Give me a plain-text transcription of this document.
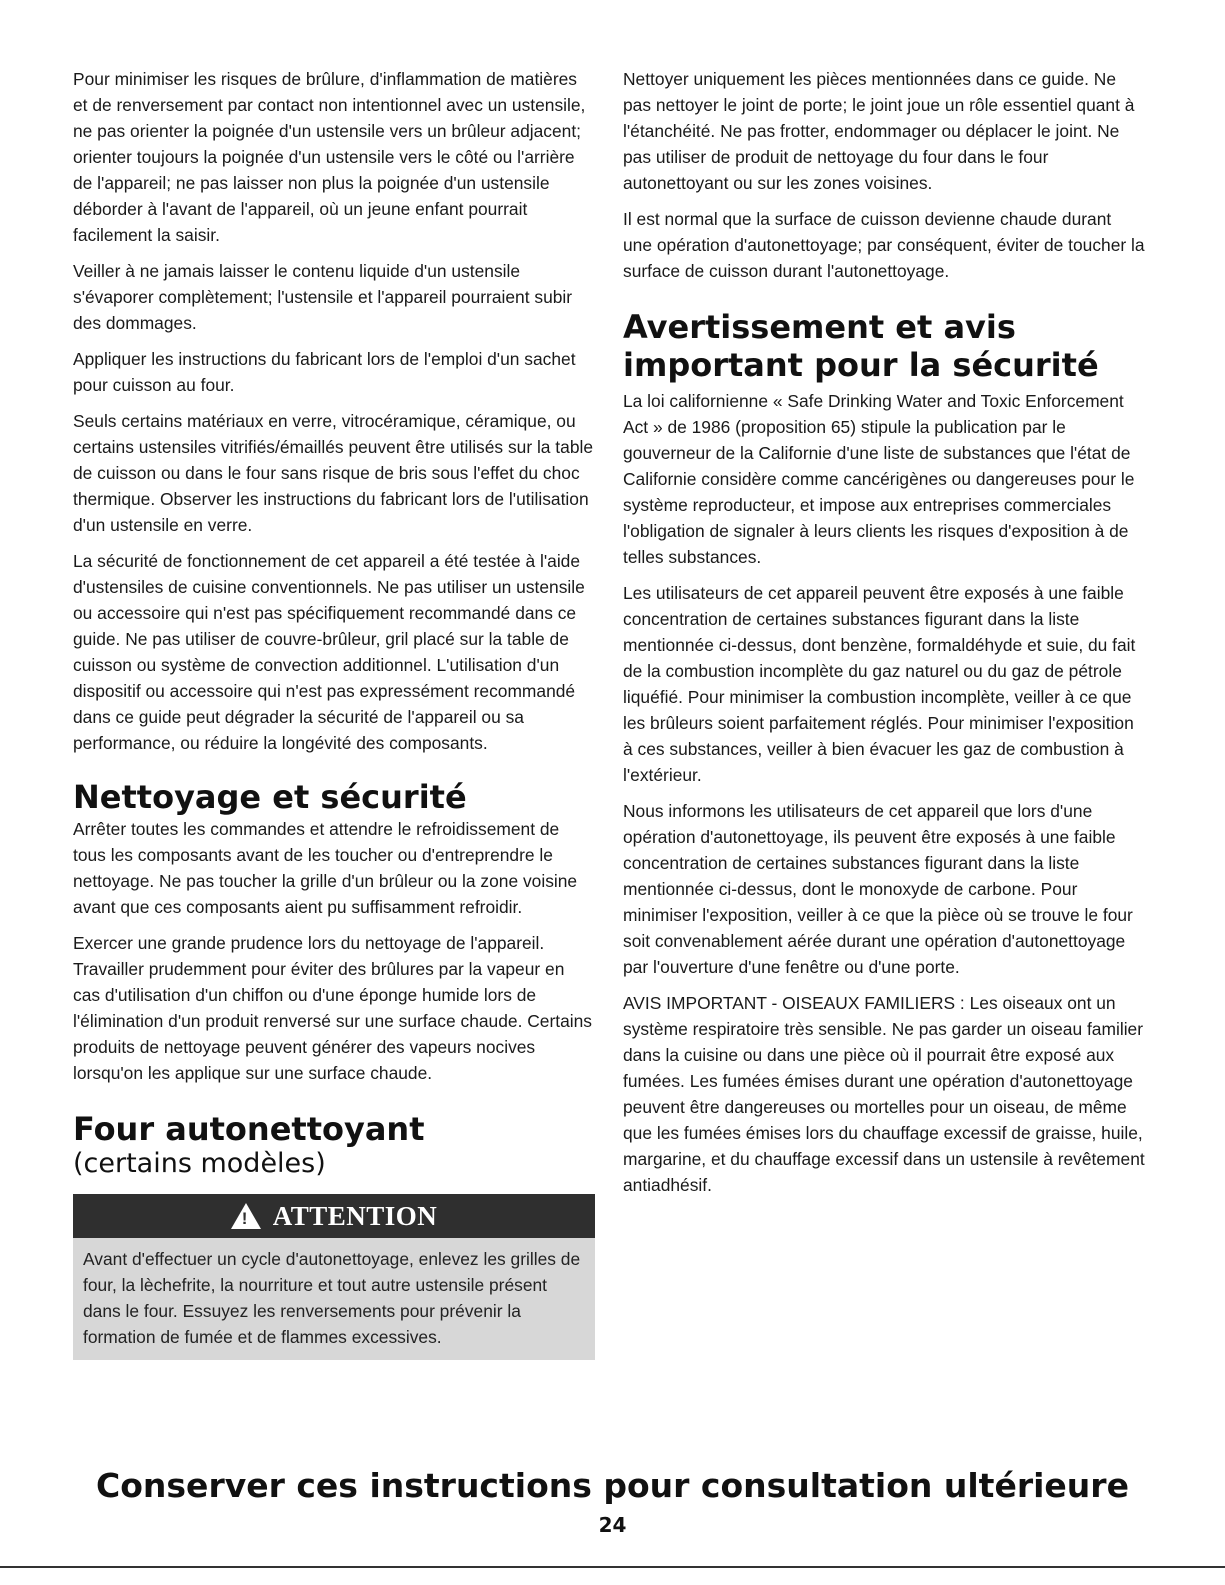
Pour minimiser les risques de brûlure, d'inflammation de matières et de renversement par contact non intentionnel avec un ustensile, ne pas orienter la poignée d'un ustensile vers un brûleur adjacent; orienter toujours la poignée d'un ustensile vers le côté ou l'arrière de l'appareil; ne pas laisser non plus la poignée d'un ustensile déborder à l'avant de l'appareil, où un jeune enfant pourrait facilement la saisir.

Veiller à ne jamais laisser le contenu liquide d'un ustensile s'évaporer complètement; l'ustensile et l'appareil pourraient subir des dommages.

Appliquer les instructions du fabricant lors de l'emploi d'un sachet pour cuisson au four.

Seuls certains matériaux en verre, vitrocéramique, céramique, ou certains ustensiles vitrifiés/émaillés peuvent être utilisés sur la table de cuisson ou dans le four sans risque de bris sous l'effet du choc thermique. Observer les instructions du fabricant lors de l'utilisation d'un ustensile en verre.

La sécurité de fonctionnement de cet appareil a été testée à l'aide d'ustensiles de cuisine conventionnels. Ne pas utiliser un ustensile ou accessoire qui n'est pas spécifiquement recommandé dans ce guide. Ne pas utiliser de couvre-brûleur, gril placé sur la table de cuisson ou système de convection additionnel. L'utilisation d'un dispositif ou accessoire qui n'est pas expressément recommandé dans ce guide peut dégrader la sécurité de l'appareil ou sa performance, ou réduire la longévité des composants.

Nettoyage et sécurité

Arrêter toutes les commandes et attendre le refroidissement de tous les composants avant de les toucher ou d'entreprendre le nettoyage. Ne pas toucher la grille d'un brûleur ou la zone voisine avant que ces composants aient pu suffisamment refroidir.

Exercer une grande prudence lors du nettoyage de l'appareil. Travailler prudemment pour éviter des brûlures par la vapeur en cas d'utilisation d'un chiffon ou d'une éponge humide lors de l'élimination d'un produit renversé sur une surface chaude. Certains produits de nettoyage peuvent générer des vapeurs nocives lorsqu'on les applique sur une surface chaude.

Four autonettoyant
(certains modèles)
! ATTENTION
Avant d'effectuer un cycle d'autonettoyage, enlevez les grilles de four, la lèchefrite, la nourriture et tout autre ustensile présent dans le four. Essuyez les renversements pour prévenir la formation de fumée et de flammes excessives.

Nettoyer uniquement les pièces mentionnées dans ce guide. Ne pas nettoyer le joint de porte; le joint joue un rôle essentiel quant à l'étanchéité. Ne pas frotter, endommager ou déplacer le joint. Ne pas utiliser de produit de nettoyage du four dans le four autonettoyant ou sur les zones voisines.

Il est normal que la surface de cuisson devienne chaude durant une opération d'autonettoyage; par conséquent, éviter de toucher la surface de cuisson durant l'autonettoyage.

Avertissement et avis important pour la sécurité

La loi californienne « Safe Drinking Water and Toxic Enforcement Act » de 1986 (proposition 65) stipule la publication par le gouverneur de la Californie d'une liste de substances que l'état de Californie considère comme cancérigènes ou dangereuses pour le système reproducteur, et impose aux entreprises commerciales l'obligation de signaler à leurs clients les risques d'exposition à de telles substances.

Les utilisateurs de cet appareil peuvent être exposés à une faible concentration de certaines substances figurant dans la liste mentionnée ci-dessus, dont benzène, formaldéhyde et suie, du fait de la combustion incomplète du gaz naturel ou du gaz de pétrole liquéfié. Pour minimiser la combustion incomplète, veiller à ce que les brûleurs soient parfaitement réglés. Pour minimiser l'exposition à ces substances, veiller à bien évacuer les gaz de combustion à l'extérieur.

Nous informons les utilisateurs de cet appareil que lors d'une opération d'autonettoyage, ils peuvent être exposés à une faible concentration de certaines substances figurant dans la liste mentionnée ci-dessus, dont le monoxyde de carbone. Pour minimiser l'exposition, veiller à ce que la pièce où se trouve le four soit convenablement aérée durant une opération d'autonettoyage par l'ouverture d'une fenêtre ou d'une porte.

AVIS IMPORTANT - OISEAUX FAMILIERS : Les oiseaux ont un système respiratoire très sensible. Ne pas garder un oiseau familier dans la cuisine ou dans une pièce où il pourrait être exposé aux fumées. Les fumées émises durant une opération d'autonettoyage peuvent être dangereuses ou mortelles pour un oiseau, de même que les fumées émises lors du chauffage excessif de graisse, huile, margarine, et du chauffage excessif dans un ustensile à revêtement antiadhésif.

Conserver ces instructions pour consultation ultérieure
24
